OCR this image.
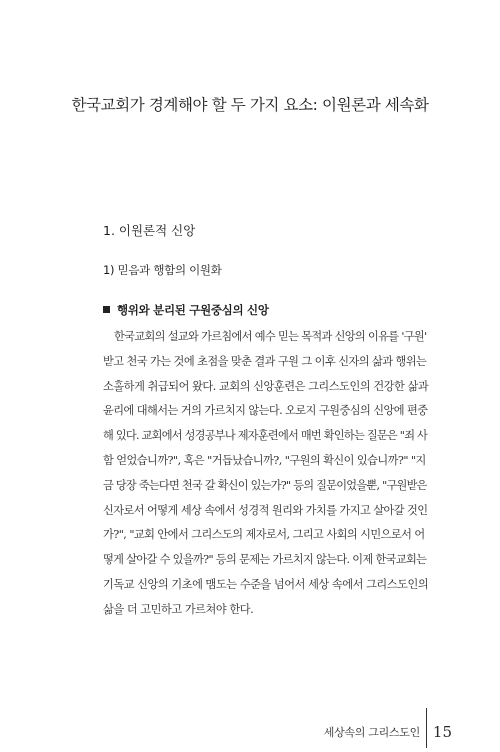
한국교회가 경계해야 할 두 가지 요소: 이원론과 세속화
1. 이원론적 신앙
1) 믿음과 행함의 이원화
행위와 분리된 구원중심의 신앙
한국교회의 설교와 가르침에서 예수 믿는 목적과 신앙의 이유를 '구원'
받고 천국 가는 것에 초점을 맞춘 결과 구원 그 이후 신자의 삶과 행위는
소홀하게 취급되어 왔다. 교회의 신앙훈련은 그리스도인의 건강한 삶과
윤리에 대해서는 거의 가르치지 않는다. 오로지 구원중심의 신앙에 편중
해 있다. 교회에서 성경공부나 제자훈련에서 매번 확인하는 질문은 "죄 사
함 얻었습니까?", 혹은 "거듭났습니까?, "구원의 확신이 있습니까?" "지
금 당장 죽는다면 천국 갈 확신이 있는가?" 등의 질문이었을뿐, "구원받은
신자로서 어떻게 세상 속에서 성경적 원리와 가치를 가지고 살아갈 것인
가?", "교회 안에서 그리스도의 제자로서, 그리고 사회의 시민으로서 어
떻게 살아갈 수 있을까?" 등의 문제는 가르치지 않는다. 이제 한국교회는
기독교 신앙의 기초에 맴도는 수준을 넘어서 세상 속에서 그리스도인의
삶을 더 고민하고 가르쳐야 한다.
세상속의 그리스도인 15
